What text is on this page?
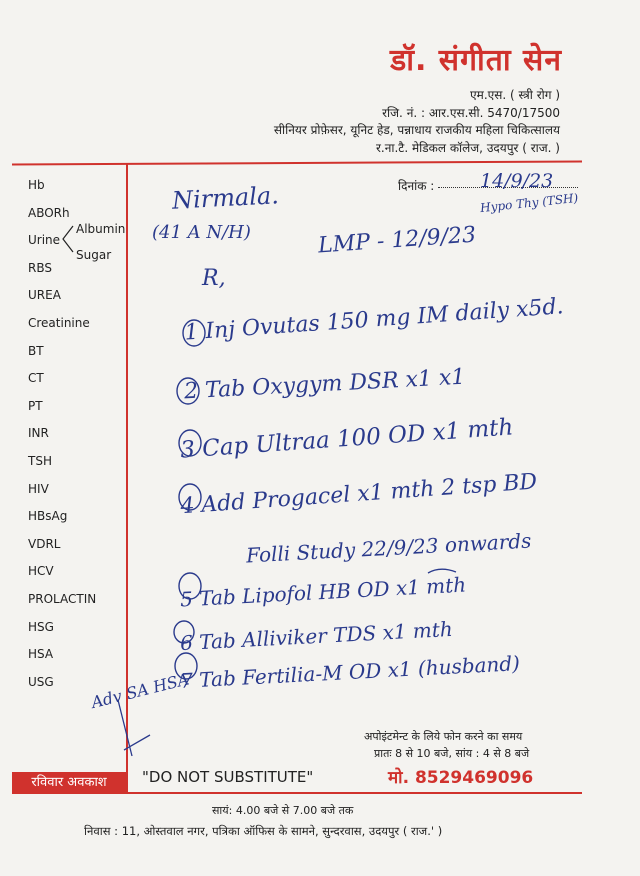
डॉ. संगीता सेन
एम.एस. ( स्त्री रोग )
रजि. नं. : आर.एस.सी. 5470/17500
सीनियर प्रोफ़ेसर, यूनिट हेड, पन्नाधाय राजकीय महिला चिकित्सालय
र.ना.टै. मेडिकल कॉलेज, उदयपुर ( राज. )
Hb
ABORh
Urine
RBS
UREA
Creatinine
BT
CT
PT
INR
TSH
HIV
HBsAg
VDRL
HCV
PROLACTIN
HSG
HSA
USG
Albumin
Sugar
दिनांक : 14/9/23
Hypo Thy (TSH)
Nirmala.
(41 A N/H)	LMP - 12/9/23
R,
1 Inj Ovutas 150 mg IM daily x5d.
2 Tab Oxygym DSR x1 x1
3 Cap Ultraa 100 OD x1 mth
4 Add Progacel x1 mth 2 tsp BD
Folli Study 22/9/23 onwards
5 Tab Lipofol HB OD x1 mth
6 Tab Alliviker TDS x1 mth
7 Tab Fertilia-M OD x1 (husband)
Adv SA HSA
अपोइंटमेन्ट के लिये फोन करने का समय
प्रातः 8 से 10 बजे, सांय : 4 से 8 बजे
रविवार अवकाश	"DO NOT SUBSTITUTE"	मो. 8529469096
सायं: 4.00 बजे से 7.00 बजे तक
निवास : 11, ओस्तवाल नगर, पत्रिका ऑफिस के सामने, सुन्दरवास, उदयपुर ( राज.' )
